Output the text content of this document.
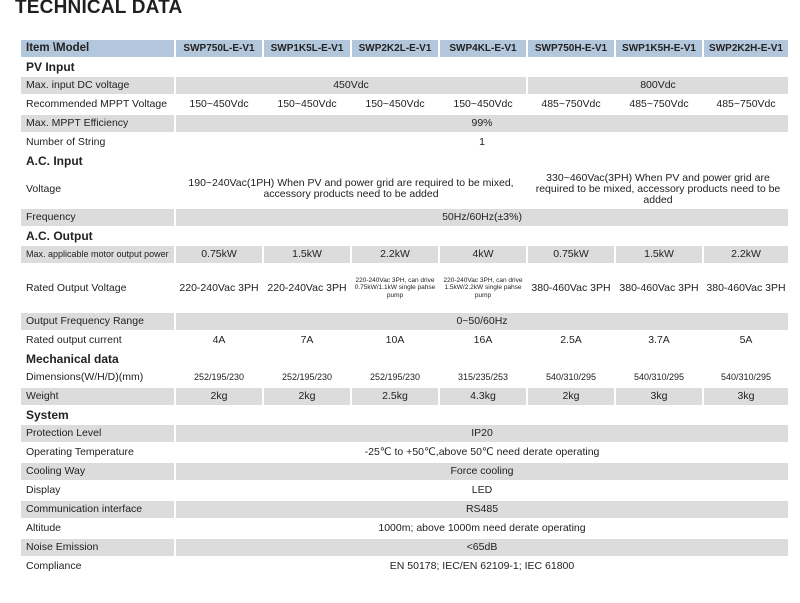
TECHNICAL DATA
Item \Model	SWP750L-E-V1	SWP1K5L-E-V1	SWP2K2L-E-V1	SWP4KL-E-V1	SWP750H-E-V1	SWP1K5H-E-V1	SWP2K2H-E-V1
PV Input							
Max. input DC voltage	450Vdc				800Vdc		
Recommended MPPT Voltage	150~450Vdc	150~450Vdc	150~450Vdc	150~450Vdc	485~750Vdc	485~750Vdc	485~750Vdc
Max. MPPT Efficiency	99%						
Number of String	1						
A.C. Input							
Voltage	190~240Vac(1PH) When PV and power grid are required to be mixed, accessory products need to be added				330~460Vac(3PH) When PV and power grid are required to be mixed, accessory products need to be added		
Frequency	50Hz/60Hz(±3%)						
A.C. Output							
Max. applicable motor output power	0.75kW	1.5kW	2.2kW	4kW	0.75kW	1.5kW	2.2kW
Rated Output Voltage	220-240Vac 3PH	220-240Vac 3PH	220-240Vac 3PH, can drive 0.75kW/1.1kW single pahse pump	220-240Vac 3PH, can drive 1.5kW/2.2kW single pahse pump	380-460Vac 3PH	380-460Vac 3PH	380-460Vac 3PH
Output Frequency Range	0~50/60Hz						
Rated output current	4A	7A	10A	16A	2.5A	3.7A	5A
Mechanical data							
Dimensions(W/H/D)(mm)	252/195/230	252/195/230	252/195/230	315/235/253	540/310/295	540/310/295	540/310/295
Weight	2kg	2kg	2.5kg	4.3kg	2kg	3kg	3kg
System							
Protection Level	IP20						
Operating Temperature	-25℃ to +50℃,above 50℃ need derate operating						
Cooling Way	Force cooling						
Display	LED						
Communication interface	RS485						
Altitude	1000m; above 1000m need derate operating						
Noise Emission	<65dB						
Compliance	EN 50178; IEC/EN 62109-1; IEC 61800						
